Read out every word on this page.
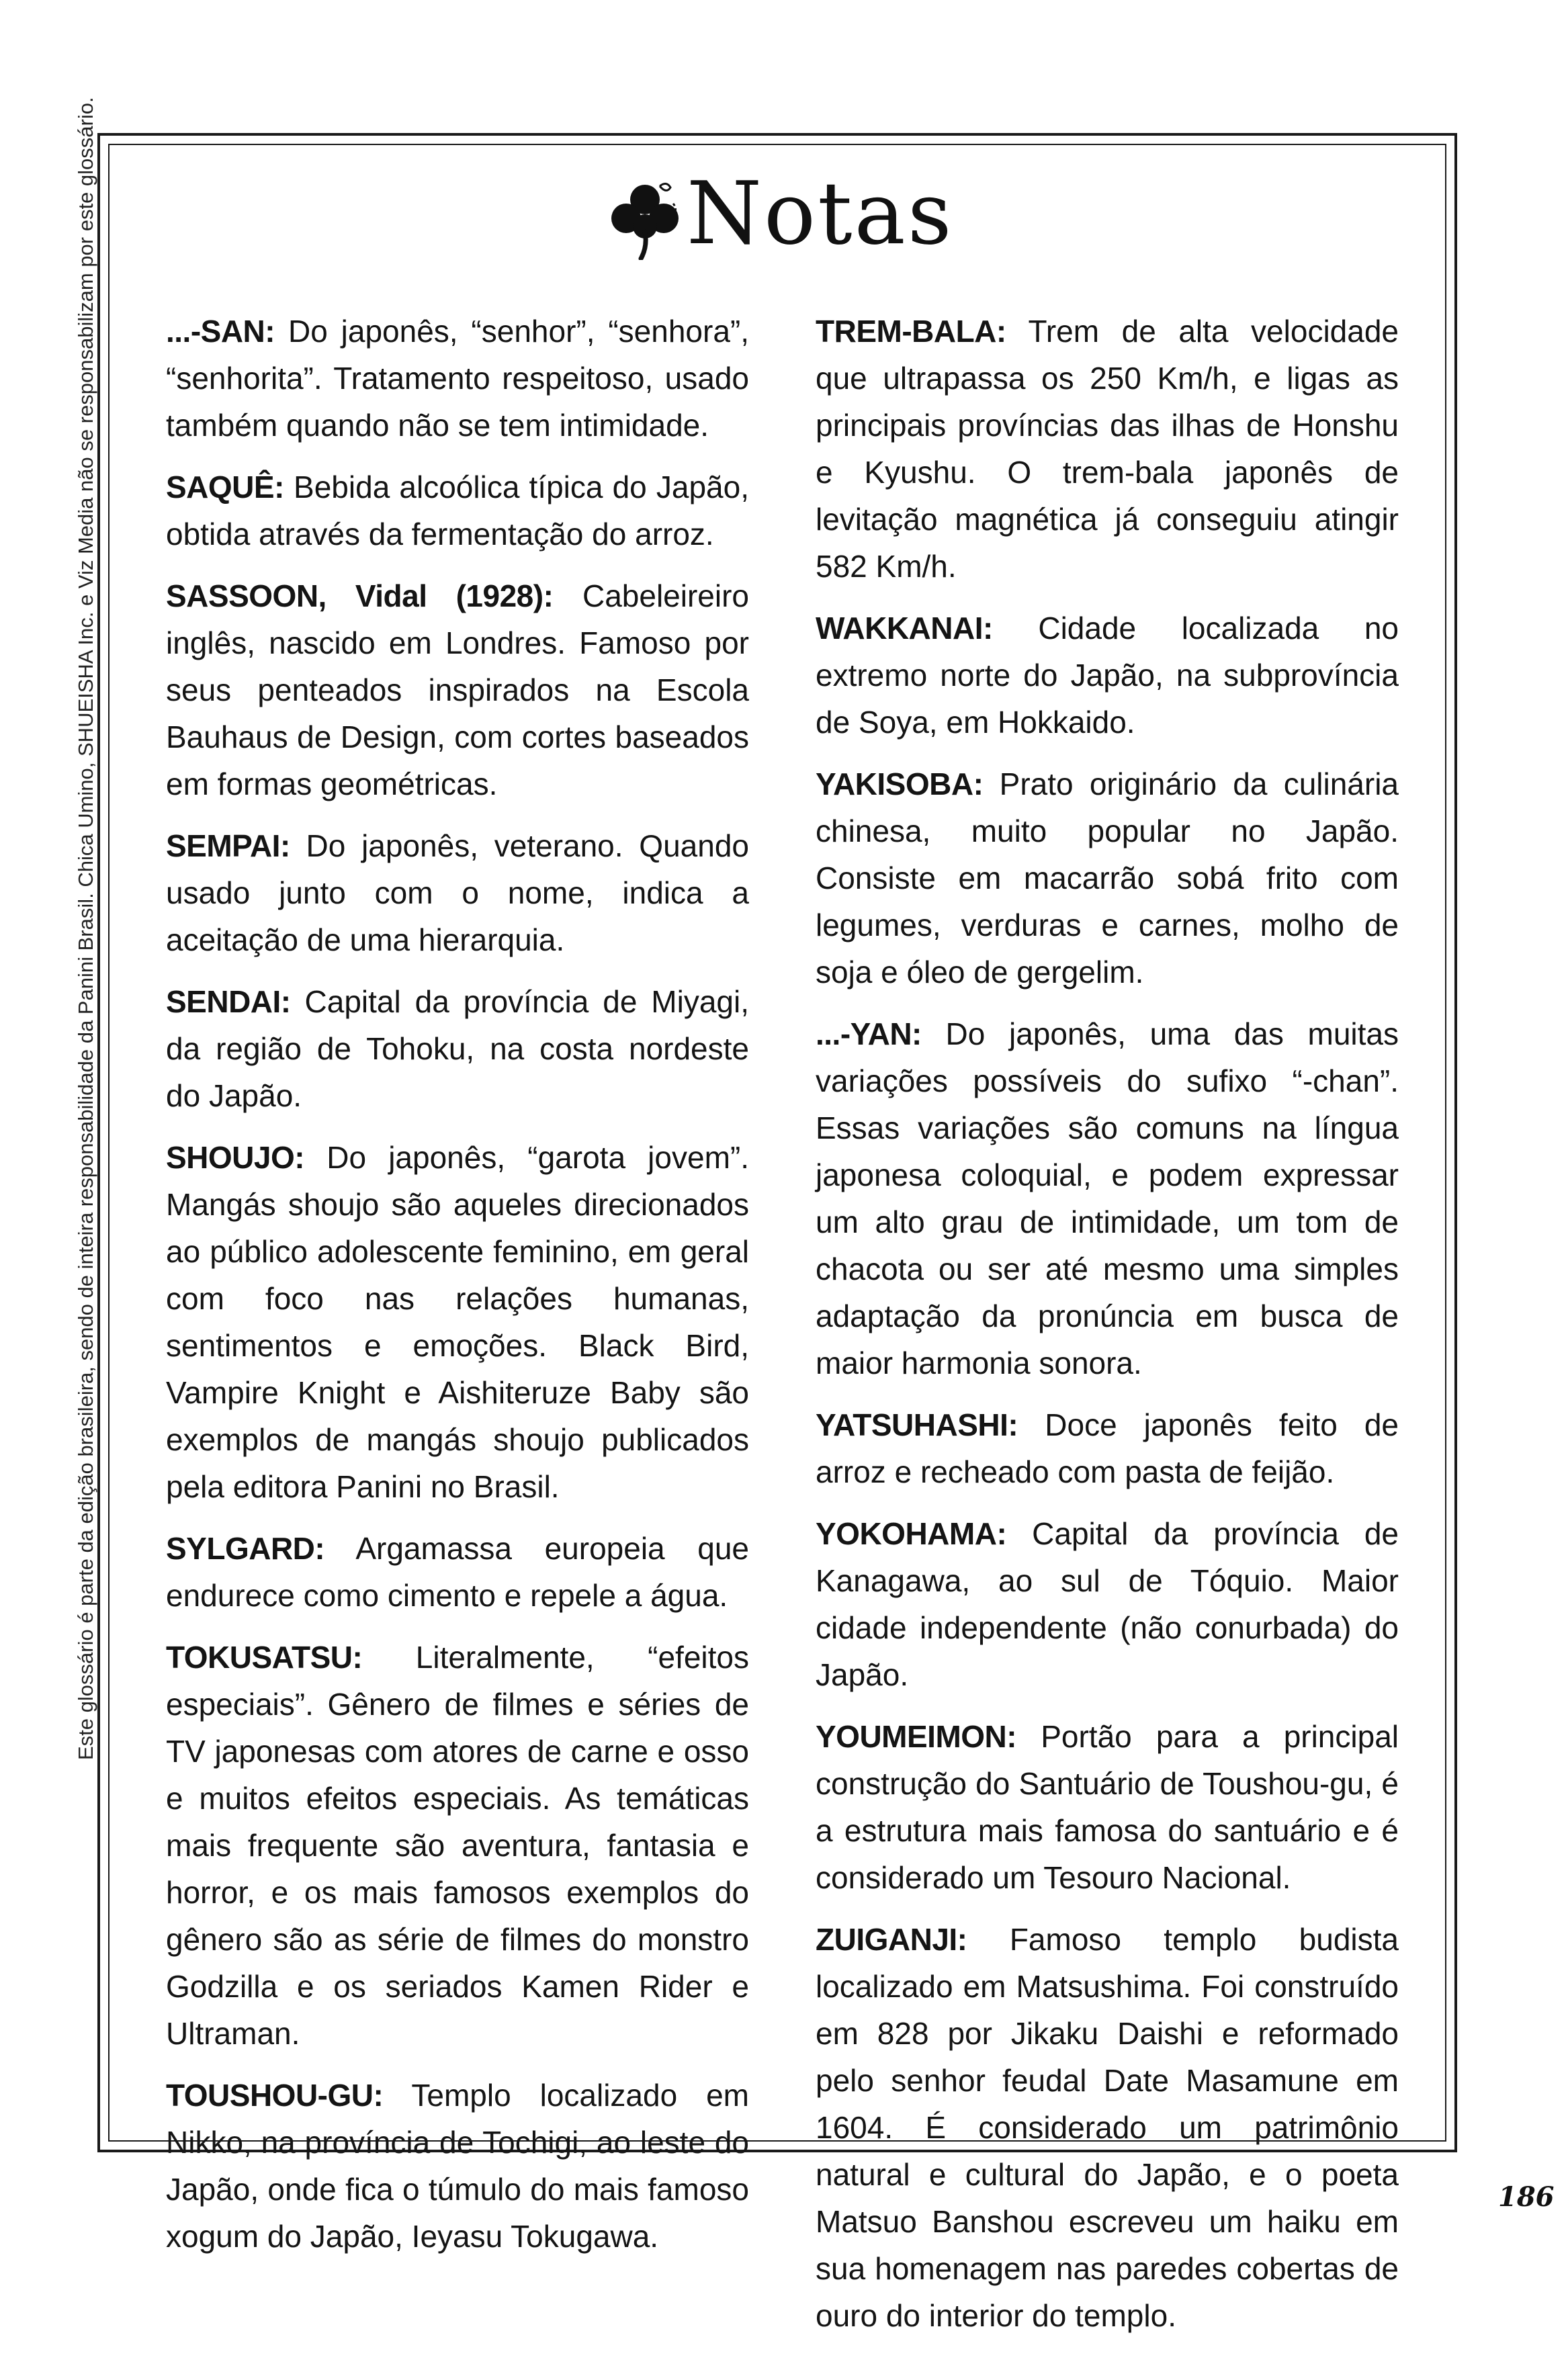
Este glossário é parte da edição brasileira, sendo de inteira responsabilidade da Panini Brasil. Chica Umino, SHUEISHA Inc. e Viz Media não se responsabilizam por este glossário.	Notas

...-SAN: Do japonês, “senhor”, “senhora”, “senhorita”. Tratamento respeitoso, usado também quando não se tem intimidade.

SAQUÊ: Bebida alcoólica típica do Japão, obtida através da fermentação do arroz.

SASSOON, Vidal (1928): Cabeleireiro inglês, nascido em Londres. Famoso por seus penteados inspirados na Escola Bauhaus de Design, com cortes baseados em formas geométricas.

SEMPAI: Do japonês, veterano. Quando usado junto com o nome, indica a aceitação de uma hierarquia.

SENDAI: Capital da província de Miyagi, da região de Tohoku, na costa nordeste do Japão.

SHOUJO: Do japonês, “garota jovem”. Mangás shoujo são aqueles direcionados ao público adolescente feminino, em geral com foco nas relações humanas, sentimentos e emoções. Black Bird, Vampire Knight e Aishiteruze Baby são exemplos de mangás shoujo publicados pela editora Panini no Brasil.

SYLGARD: Argamassa europeia que endurece como cimento e repele a água.

TOKUSATSU: Literalmente, “efeitos especiais”. Gênero de filmes e séries de TV japonesas com atores de carne e osso e muitos efeitos especiais. As temáticas mais frequente são aventura, fantasia e horror, e os mais famosos exemplos do gênero são as série de filmes do monstro Godzilla e os seriados Kamen Rider e Ultraman.

TOUSHOU-GU: Templo localizado em Nikko, na província de Tochigi, ao leste do Japão, onde fica o túmulo do mais famoso xogum do Japão, Ieyasu Tokugawa.

TREM-BALA: Trem de alta velocidade que ultrapassa os 250 Km/h, e ligas as principais províncias das ilhas de Honshu e Kyushu. O trem-bala japonês de levitação magnética já conseguiu atingir 582 Km/h.

WAKKANAI: Cidade localizada no extremo norte do Japão, na subprovíncia de Soya, em Hokkaido.

YAKISOBA: Prato originário da culinária chinesa, muito popular no Japão. Consiste em macarrão sobá frito com legumes, verduras e carnes, molho de soja e óleo de gergelim.

...-YAN: Do japonês, uma das muitas variações possíveis do sufixo “-chan”. Essas variações são comuns na língua japonesa coloquial, e podem expressar um alto grau de intimidade, um tom de chacota ou ser até mesmo uma simples adaptação da pronúncia em busca de maior harmonia sonora.

YATSUHASHI: Doce japonês feito de arroz e recheado com pasta de feijão.

YOKOHAMA: Capital da província de Kanagawa, ao sul de Tóquio. Maior cidade independente (não conurbada) do Japão.

YOUMEIMON: Portão para a principal construção do Santuário de Toushou-gu, é a estrutura mais famosa do santuário e é considerado um Tesouro Nacional.

ZUIGANJI: Famoso templo budista localizado em Matsushima. Foi construído em 828 por Jikaku Daishi e reformado pelo senhor feudal Date Masamune em 1604. É considerado um patrimônio natural e cultural do Japão, e o poeta Matsuo Banshou escreveu um haiku em sua homenagem nas paredes cobertas de ouro do interior do templo.

186
